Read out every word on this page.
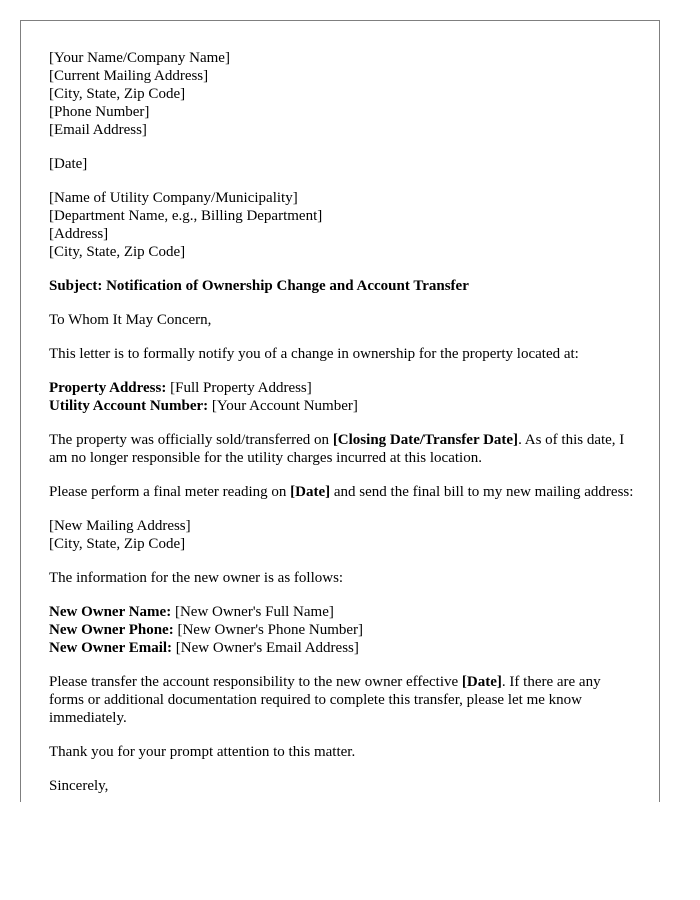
[Your Name/Company Name]
[Current Mailing Address]
[City, State, Zip Code]
[Phone Number]
[Email Address]

[Date]

[Name of Utility Company/Municipality]
[Department Name, e.g., Billing Department]
[Address]
[City, State, Zip Code]

Subject: Notification of Ownership Change and Account Transfer

To Whom It May Concern,

This letter is to formally notify you of a change in ownership for the property located at:

Property Address: [Full Property Address]
Utility Account Number: [Your Account Number]

The property was officially sold/transferred on [Closing Date/Transfer Date]. As of this date, I am no longer responsible for the utility charges incurred at this location.

Please perform a final meter reading on [Date] and send the final bill to my new mailing address:

[New Mailing Address]
[City, State, Zip Code]

The information for the new owner is as follows:

New Owner Name: [New Owner's Full Name]
New Owner Phone: [New Owner's Phone Number]
New Owner Email: [New Owner's Email Address]

Please transfer the account responsibility to the new owner effective [Date]. If there are any forms or additional documentation required to complete this transfer, please let me know immediately.

Thank you for your prompt attention to this matter.

Sincerely,
